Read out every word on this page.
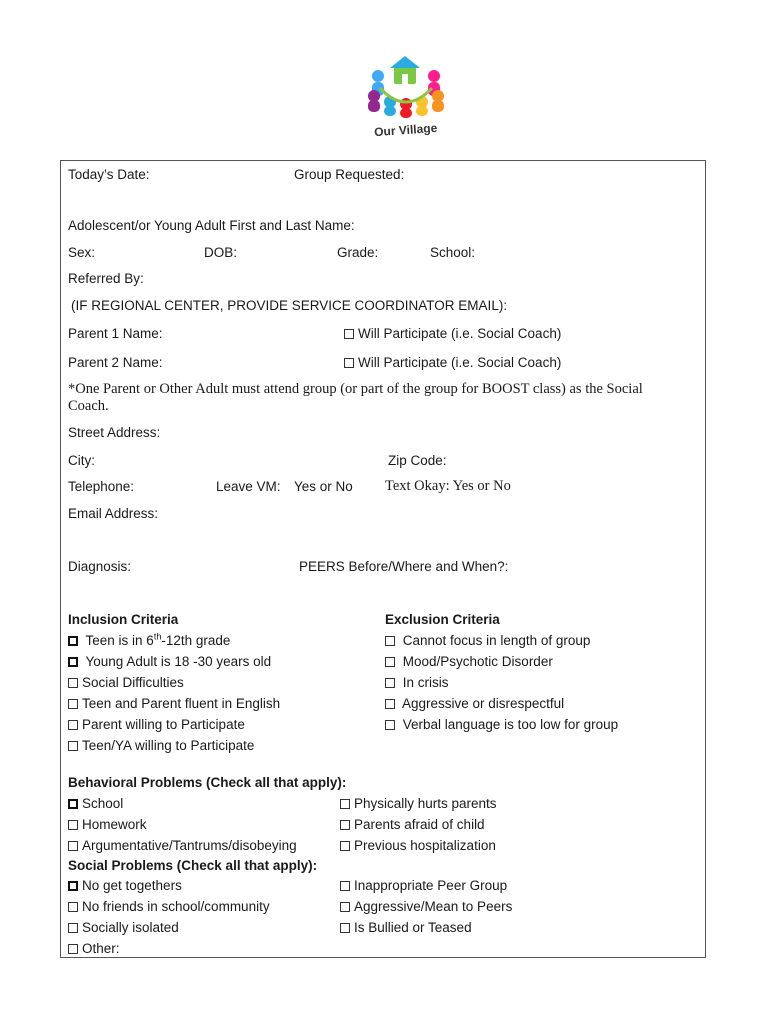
Our Village
Today’s Date:	Group Requested:
Adolescent/or Young Adult First and Last Name:
Sex:	DOB:	Grade:	School:
Referred By:
(IF REGIONAL CENTER, PROVIDE SERVICE COORDINATOR EMAIL):
Parent 1 Name:	Will Participate (i.e. Social Coach)
Parent 2 Name:	Will Participate (i.e. Social Coach)
*One Parent or Other Adult must attend group (or part of the group for BOOST class) as the Social Coach.
Street Address:
City:	Zip Code:
Telephone:	Leave VM: Yes or No Text Okay: Yes or No
Email Address:
Diagnosis:	PEERS Before/Where and When?:
Inclusion Criteria
Teen is in 6th-12th grade
Young Adult is 18 -30 years old
Social Difficulties
Teen and Parent fluent in English
Parent willing to Participate
Teen/YA willing to Participate
Exclusion Criteria
Cannot focus in length of group
Mood/Psychotic Disorder
In crisis
Aggressive or disrespectful
Verbal language is too low for group
Behavioral Problems (Check all that apply):
School
Homework
Argumentative/Tantrums/disobeying
Physically hurts parents
Parents afraid of child
Previous hospitalization
Social Problems (Check all that apply):
No get togethers
No friends in school/community
Socially isolated
Other:
Inappropriate Peer Group
Aggressive/Mean to Peers
Is Bullied or Teased
